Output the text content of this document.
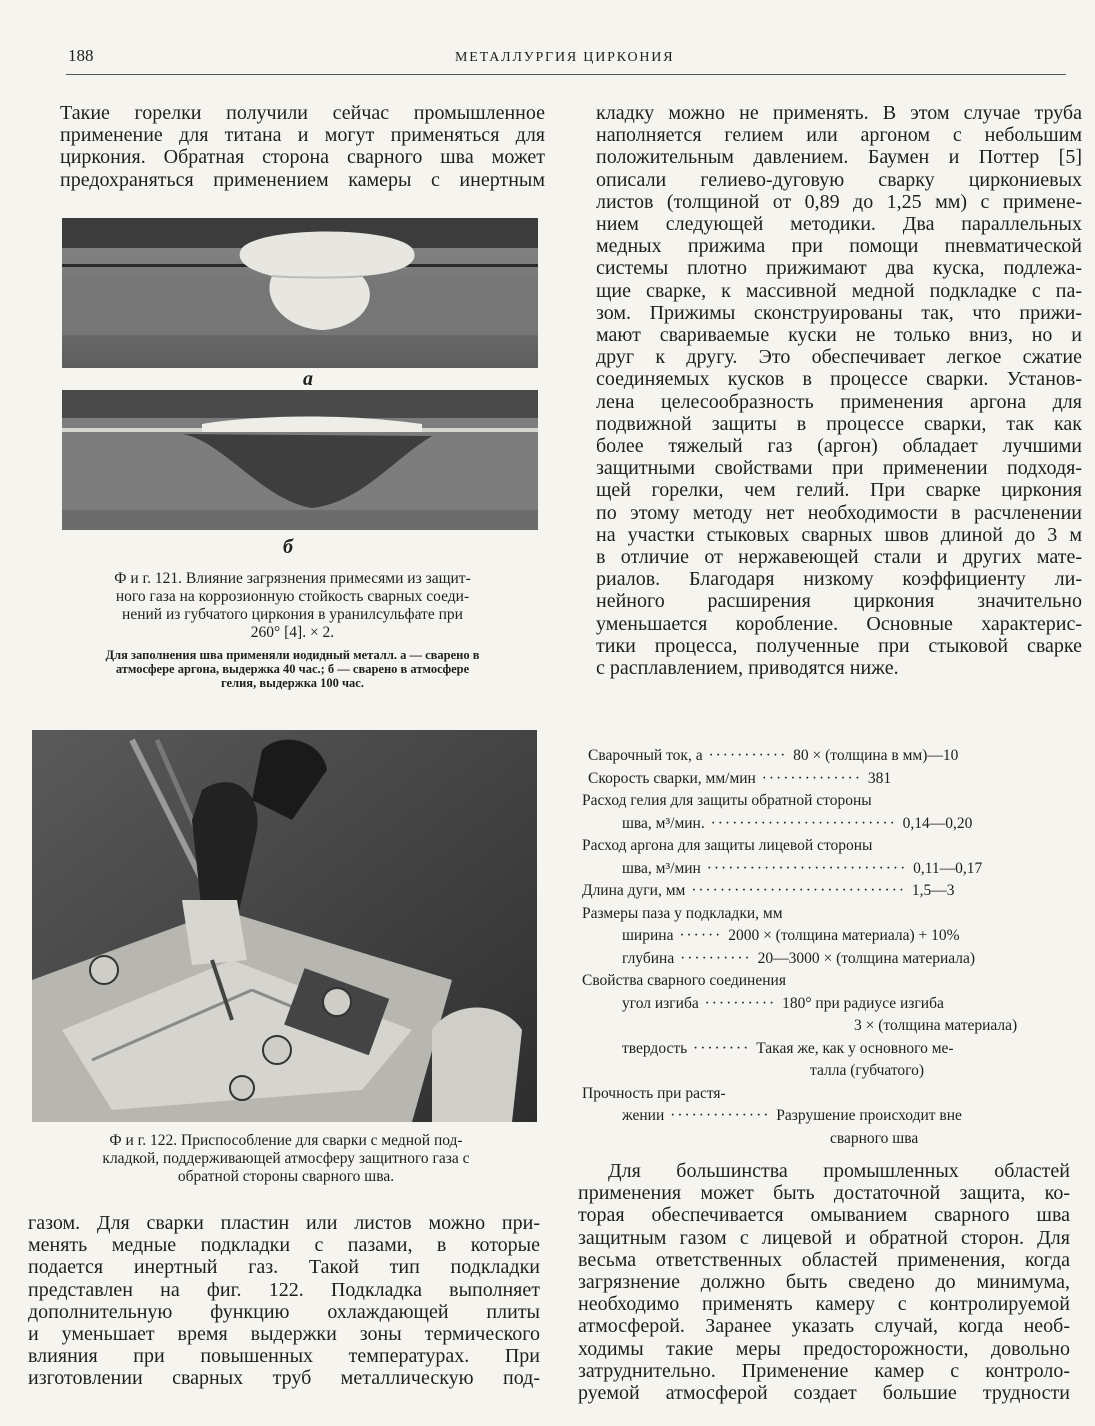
188	МЕТАЛЛУРГИЯ ЦИРКОНИЯ
Такие горелки получили сейчас промышленное
применение для титана и могут применяться для
циркония. Обратная сторона сварного шва может
предохраняться применением камеры с инертным
а
б
Ф и г. 121. Влияние загрязнения примесями из защит-
ного газа на коррозионную стойкость сварных соеди-
нений из губчатого циркония в уранилсульфате при
260° [4]. × 2.
Для заполнения шва применяли иодидный металл. а — сварено в
атмосфере аргона, выдержка 40 час.; б — сварено в атмосфере
гелия, выдержка 100 час.
Ф и г. 122. Приспособление для сварки с медной под-
кладкой, поддерживающей атмосферу защитного газа с
обратной стороны сварного шва.
газом. Для сварки пластин или листов можно при-
менять медные подкладки с пазами, в которые
подается инертный газ. Такой тип подкладки
представлен на фиг. 122. Подкладка выполняет
дополнительную функцию охлаждающей плиты
и уменьшает время выдержки зоны термического
влияния при повышенных температурах. При
изготовлении сварных труб металлическую под-
кладку можно не применять. В этом случае труба
наполняется гелием или аргоном с небольшим
положительным давлением. Баумен и Поттер [5]
описали гелиево-дуговую сварку циркониевых
листов (толщиной от 0,89 до 1,25 мм) с примене-
нием следующей методики. Два параллельных
медных прижима при помощи пневматической
системы плотно прижимают два куска, подлежа-
щие сварке, к массивной медной подкладке с па-
зом. Прижимы сконструированы так, что прижи-
мают свариваемые куски не только вниз, но и
друг к другу. Это обеспечивает легкое сжатие
соединяемых кусков в процессе сварки. Установ-
лена целесообразность применения аргона для
подвижной защиты в процессе сварки, так как
более тяжелый газ (аргон) обладает лучшими
защитными свойствами при применении подходя-
щей горелки, чем гелий. При сварке циркония
по этому методу нет необходимости в расчленении
на участки стыковых сварных швов длиной до 3 м
в отличие от нержавеющей стали и других мате-
риалов. Благодаря низкому коэффициенту ли-
нейного расширения циркония значительно
уменьшается коробление. Основные характерис-
тики процесса, полученные при стыковой сварке
с расплавлением, приводятся ниже.
Сварочный ток, а ··········· 80 × (толщина в мм)—10
Скорость сварки, мм/мин ·············· 381
Расход гелия для защиты обратной стороны
шва, м³/мин. ·························· 0,14—0,20
Расход аргона для защиты лицевой стороны
шва, м³/мин ···························· 0,11—0,17
Длина дуги, мм ······························ 1,5—3
Размеры паза у подкладки, мм
ширина ······ 2000 × (толщина материала) + 10%
глубина ·········· 20—3000 × (толщина материала)
Свойства сварного соединения
угол изгиба ·········· 180° при радиусе изгиба
3 × (толщина материала)
твердость ········ Такая же, как у основного ме-
талла (губчатого)
Прочность при растя-
жении ·············· Разрушение происходит вне
сварного шва
Для большинства промышленных областей
применения может быть достаточной защита, ко-
торая обеспечивается омыванием сварного шва
защитным газом с лицевой и обратной сторон. Для
весьма ответственных областей применения, когда
загрязнение должно быть сведено до минимума,
необходимо применять камеру с контролируемой
атмосферой. Заранее указать случай, когда необ-
ходимы такие меры предосторожности, довольно
затруднительно. Применение камер с контроло-
руемой атмосферой создает большие трудности
